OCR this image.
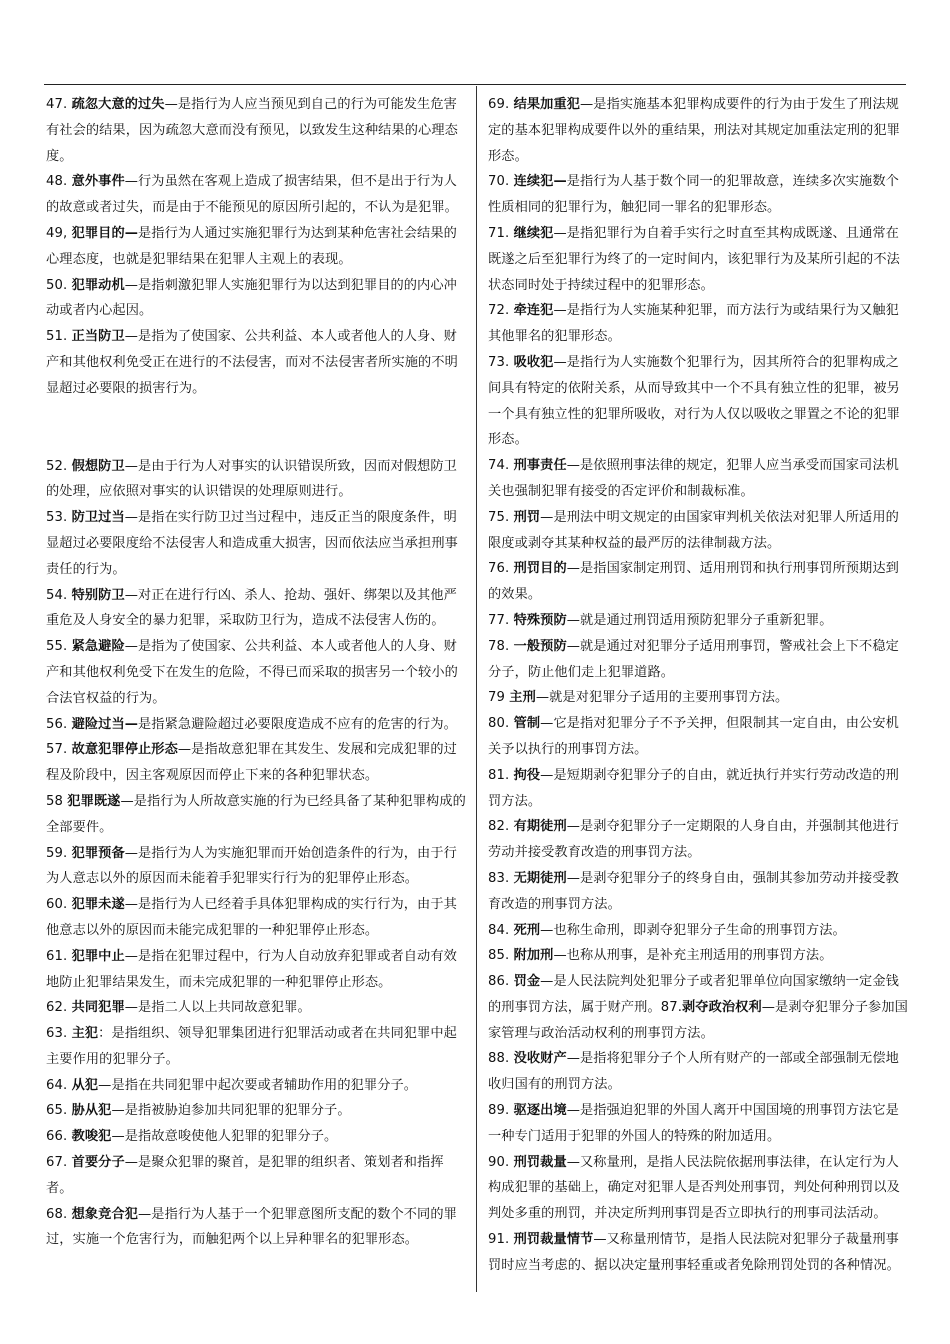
47. 疏忽大意的过失—是指行为人应当预见到自己的行为可能发生危害有社会的结果，因为疏忽大意而没有预见，以致发生这种结果的心理态度。

48. 意外事件—行为虽然在客观上造成了损害结果，但不是出于行为人的故意或者过失，而是由于不能预见的原因所引起的，不认为是犯罪。

49, 犯罪目的—是指行为人通过实施犯罪行为达到某种危害社会结果的心理态度，也就是犯罪结果在犯罪人主观上的表现。

50. 犯罪动机—是指刺激犯罪人实施犯罪行为以达到犯罪目的的内心冲动或者内心起因。

51. 正当防卫—是指为了使国家、公共利益、本人或者他人的人身、财产和其他权利免受正在进行的不法侵害，而对不法侵害者所实施的不明显超过必要限的损害行为。

52. 假想防卫—是由于行为人对事实的认识错误所致，因而对假想防卫的处理，应依照对事实的认识错误的处理原则进行。

53. 防卫过当—是指在实行防卫过当过程中，违反正当的限度条件，明显超过必要限度给不法侵害人和造成重大损害，因而依法应当承担刑事责任的行为。

54. 特别防卫—对正在进行行凶、杀人、抢劫、强奸、绑架以及其他严重危及人身安全的暴力犯罪，采取防卫行为，造成不法侵害人伤的。

55. 紧急避险—是指为了使国家、公共利益、本人或者他人的人身、财产和其他权利免受下在发生的危险，不得已而采取的损害另一个较小的合法官权益的行为。

56. 避险过当—是指紧急避险超过必要限度造成不应有的危害的行为。

57. 故意犯罪停止形态—是指故意犯罪在其发生、发展和完成犯罪的过程及阶段中，因主客观原因而停止下来的各种犯罪状态。

58 犯罪既遂—是指行为人所故意实施的行为已经具备了某种犯罪构成的全部要件。

59. 犯罪预备—是指行为人为实施犯罪而开始创造条件的行为，由于行为人意志以外的原因而未能着手犯罪实行行为的犯罪停止形态。

60. 犯罪未遂—是指行为人已经着手具体犯罪构成的实行行为，由于其他意志以外的原因而未能完成犯罪的一种犯罪停止形态。

61. 犯罪中止—是指在犯罪过程中，行为人自动放弃犯罪或者自动有效地防止犯罪结果发生，而未完成犯罪的一种犯罪停止形态。

62. 共同犯罪—是指二人以上共同故意犯罪。

63. 主犯：是指组织、领导犯罪集团进行犯罪活动或者在共同犯罪中起主要作用的犯罪分子。

64. 从犯—是指在共同犯罪中起次要或者辅助作用的犯罪分子。

65. 胁从犯—是指被胁迫参加共同犯罪的犯罪分子。

66. 教唆犯—是指故意唆使他人犯罪的犯罪分子。

67. 首要分子—是聚众犯罪的聚首，是犯罪的组织者、策划者和指挥者。

68. 想象竞合犯—是指行为人基于一个犯罪意图所支配的数个不同的罪过，实施一个危害行为，而触犯两个以上异种罪名的犯罪形态。

69. 结果加重犯—是指实施基本犯罪构成要件的行为由于发生了刑法规定的基本犯罪构成要件以外的重结果，刑法对其规定加重法定刑的犯罪形态。

70. 连续犯—是指行为人基于数个同一的犯罪故意，连续多次实施数个性质相同的犯罪行为，触犯同一罪名的犯罪形态。

71. 继续犯—是指犯罪行为自着手实行之时直至其构成既遂、且通常在既遂之后至犯罪行为终了的一定时间内，该犯罪行为及某所引起的不法状态同时处于持续过程中的犯罪形态。

72. 牵连犯—是指行为人实施某种犯罪，而方法行为或结果行为又触犯其他罪名的犯罪形态。

73. 吸收犯—是指行为人实施数个犯罪行为，因其所符合的犯罪构成之间具有特定的依附关系，从而导致其中一个不具有独立性的犯罪，被另一个具有独立性的犯罪所吸收，对行为人仅以吸收之罪置之不论的犯罪形态。

74. 刑事责任—是依照刑事法律的规定，犯罪人应当承受而国家司法机关也强制犯罪有接受的否定评价和制裁标准。

75. 刑罚—是刑法中明文规定的由国家审判机关依法对犯罪人所适用的限度或剥夺其某种权益的最严厉的法律制裁方法。

76. 刑罚目的—是指国家制定刑罚、适用刑罚和执行刑事罚所预期达到的效果。

77. 特殊预防—就是通过刑罚适用预防犯罪分子重新犯罪。

78. 一般预防—就是通过对犯罪分子适用刑事罚，警戒社会上下不稳定分子，防止他们走上犯罪道路。

79 主刑—就是对犯罪分子适用的主要刑事罚方法。

80. 管制—它是指对犯罪分子不予关押，但限制其一定自由，由公安机关予以执行的刑事罚方法。

81. 拘役—是短期剥夺犯罪分子的自由，就近执行并实行劳动改造的刑罚方法。

82. 有期徒刑—是剥夺犯罪分子一定期限的人身自由，并强制其他进行劳动并接受教育改造的刑事罚方法。

83. 无期徒刑—是剥夺犯罪分子的终身自由，强制其参加劳动并接受教育改造的刑事罚方法。

84. 死刑—也称生命刑，即剥夺犯罪分子生命的刑事罚方法。

85. 附加刑—也称从刑事，是补充主刑适用的刑事罚方法。

86. 罚金—是人民法院判处犯罪分子或者犯罪单位向国家缴纳一定金钱的刑事罚方法，属于财产刑。87.剥夺政治权利—是剥夺犯罪分子参加国家管理与政治活动权利的刑事罚方法。

88. 没收财产—是指将犯罪分子个人所有财产的一部或全部强制无偿地收归国有的刑罚方法。

89. 驱逐出境—是指强迫犯罪的外国人离开中国国境的刑事罚方法它是一种专门适用于犯罪的外国人的特殊的附加适用。

90. 刑罚裁量—又称量刑，是指人民法院依据刑事法律，在认定行为人构成犯罪的基础上，确定对犯罪人是否判处刑事罚，判处何种刑罚以及判处多重的刑罚，并决定所判刑事罚是否立即执行的刑事司法活动。

91. 刑罚裁量情节—又称量刑情节，是指人民法院对犯罪分子裁量刑事罚时应当考虑的、据以决定量刑事轻重或者免除刑罚处罚的各种情况。
